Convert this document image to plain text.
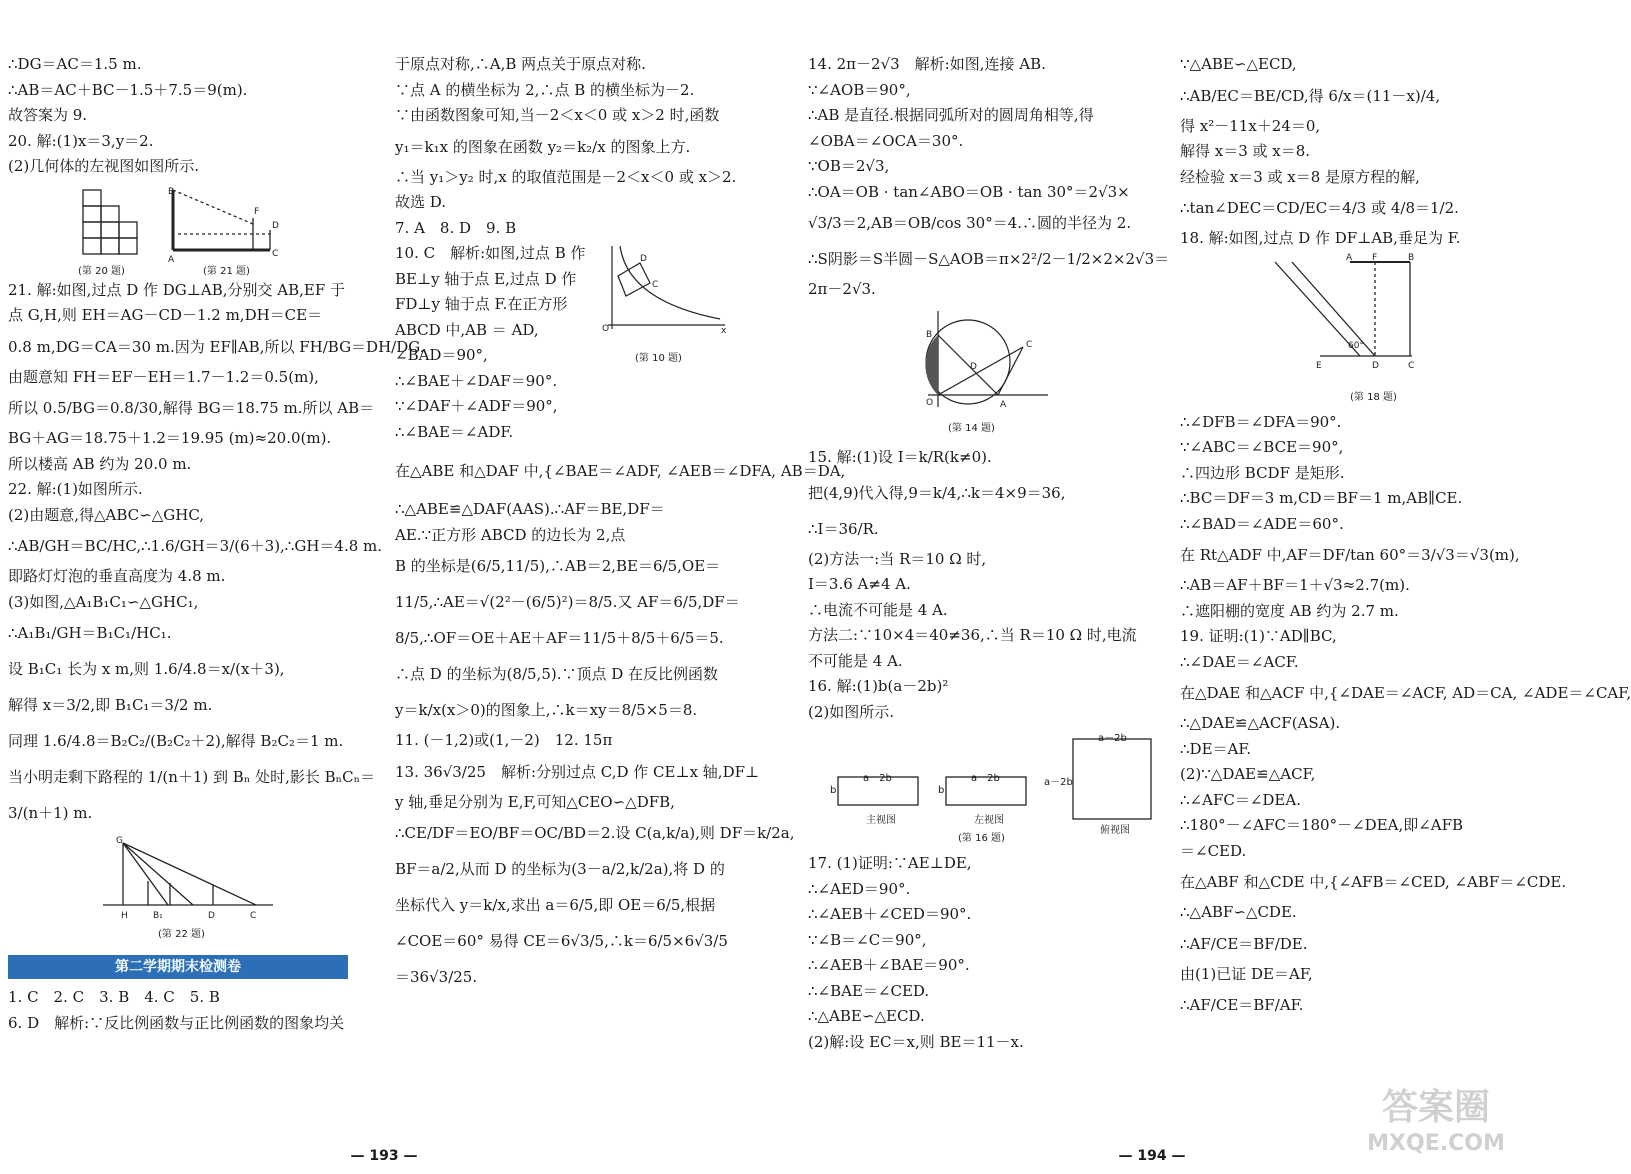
∴DG＝AC＝1.5 m.
∴AB＝AC＋BC－1.5＋7.5＝9(m).
故答案为 9.
20. 解:(1)x＝3,y＝2.
(2)几何体的左视图如图所示.
B
A
F
D
C
(第 20 题)	(第 21 题)
21. 解:如图,过点 D 作 DG⊥AB,分别交 AB,EF 于
点 G,H,则 EH＝AG－CD－1.2 m,DH＝CE＝
0.8 m,DG＝CA＝30 m.因为 EF∥AB,所以 FH/BG＝DH/DG.
由题意知 FH＝EF－EH＝1.7－1.2＝0.5(m),
所以 0.5/BG＝0.8/30,解得 BG＝18.75 m.所以 AB＝
BG＋AG＝18.75＋1.2＝19.95 (m)≈20.0(m).
所以楼高 AB 约为 20.0 m.
22. 解:(1)如图所示.
(2)由题意,得△ABC∽△GHC,
∴AB/GH＝BC/HC,∴1.6/GH＝3/(6＋3),∴GH＝4.8 m.
即路灯灯泡的垂直高度为 4.8 m.
(3)如图,△A₁B₁C₁∽△GHC₁,
∴A₁B₁/GH＝B₁C₁/HC₁.
设 B₁C₁ 长为 x m,则 1.6/4.8＝x/(x＋3),
解得 x＝3/2,即 B₁C₁＝3/2 m.
同理 1.6/4.8＝B₂C₂/(B₂C₂＋2),解得 B₂C₂＝1 m.
当小明走剩下路程的 1/(n＋1) 到 Bₙ 处时,影长 BₙCₙ＝
3/(n＋1) m.
G
H	B₁	D	C
(第 22 题)
第二学期期末检测卷
1. C　2. C　3. B　4. C　5. B
6. D　解析:∵反比例函数与正比例函数的图象均关
于原点对称,∴A,B 两点关于原点对称.
∵点 A 的横坐标为 2,∴点 B 的横坐标为－2.
∵由函数图象可知,当－2＜x＜0 或 x＞2 时,函数
y₁＝k₁x 的图象在函数 y₂＝k₂/x 的图象上方.
∴当 y₁＞y₂ 时,x 的取值范围是－2＜x＜0 或 x＞2.
故选 D.
7. A　8. D　9. B
10. C　解析:如图,过点 B 作
BE⊥y 轴于点 E,过点 D 作
FD⊥y 轴于点 F.在正方形
ABCD 中,AB ＝ AD,
∠BAD＝90°,
O
D
C
x
(第 10 题)
∴∠BAE＋∠DAF＝90°.
∵∠DAF＋∠ADF＝90°,
∴∠BAE＝∠ADF.
在△ABE 和△DAF 中,{∠BAE＝∠ADF, ∠AEB＝∠DFA, AB＝DA,
∴△ABE≌△DAF(AAS).∴AF＝BE,DF＝
AE.∵正方形 ABCD 的边长为 2,点
B 的坐标是(6/5,11/5),∴AB＝2,BE＝6/5,OE＝
11/5,∴AE＝√(2²－(6/5)²)＝8/5.又 AF＝6/5,DF＝
8/5,∴OF＝OE＋AE＋AF＝11/5＋8/5＋6/5＝5.
∴点 D 的坐标为(8/5,5).∵顶点 D 在反比例函数
y＝k/x(x＞0)的图象上,∴k＝xy＝8/5×5＝8.
11. (－1,2)或(1,－2)　12. 15π
13. 36√3/25　解析:分别过点 C,D 作 CE⊥x 轴,DF⊥
y 轴,垂足分别为 E,F,可知△CEO∽△DFB,
∴CE/DF＝EO/BF＝OC/BD＝2.设 C(a,k/a),则 DF＝k/2a,
BF＝a/2,从而 D 的坐标为(3－a/2,k/2a),将 D 的
坐标代入 y＝k/x,求出 a＝6/5,即 OE＝6/5,根据
∠COE＝60° 易得 CE＝6√3/5,∴k＝6/5×6√3/5
＝36√3/25.
— 193 —
14. 2π－2√3　解析:如图,连接 AB.
∵∠AOB＝90°,
∴AB 是直径.根据同弧所对的圆周角相等,得
∠OBA＝∠OCA＝30°.
∵OB＝2√3,
∴OA＝OB · tan∠ABO＝OB · tan 30°＝2√3×
√3/3＝2,AB＝OB/cos 30°＝4.∴圆的半径为 2.
∴S阴影＝S半圆－S△AOB＝π×2²/2－1/2×2×2√3＝
2π－2√3.
B
O	A
C
D
(第 14 题)
15. 解:(1)设 I＝k/R(k≠0).
把(4,9)代入得,9＝k/4,∴k＝4×9＝36,
∴I＝36/R.
(2)方法一:当 R＝10 Ω 时,
I＝3.6 A≠4 A.
∴电流不可能是 4 A.
方法二:∵10×4＝40≠36,∴当 R＝10 Ω 时,电流
不可能是 4 A.
16. 解:(1)b(a－2b)²
(2)如图所示.
a－2b
b
a－2b
b
a－2b
a－2b
主视图	左视图
俯视图
(第 16 题)
17. (1)证明:∵AE⊥DE,
∴∠AED＝90°.
∴∠AEB＋∠CED＝90°.
∵∠B＝∠C＝90°,
∴∠AEB＋∠BAE＝90°.
∴∠BAE＝∠CED.
∴△ABE∽△ECD.
(2)解:设 EC＝x,则 BE＝11－x.
∵△ABE∽△ECD,
∴AB/EC＝BE/CD,得 6/x＝(11－x)/4,
得 x²－11x＋24＝0,
解得 x＝3 或 x＝8.
经检验 x＝3 或 x＝8 是原方程的解,
∴tan∠DEC＝CD/EC＝4/3 或 4/8＝1/2.
18. 解:如图,过点 D 作 DF⊥AB,垂足为 F.
A F	B
E	D	C
60°
(第 18 题)
∴∠DFB＝∠DFA＝90°.
∵∠ABC＝∠BCE＝90°,
∴四边形 BCDF 是矩形.
∴BC＝DF＝3 m,CD＝BF＝1 m,AB∥CE.
∴∠BAD＝∠ADE＝60°.
在 Rt△ADF 中,AF＝DF/tan 60°＝3/√3＝√3(m),
∴AB＝AF＋BF＝1＋√3≈2.7(m).
∴遮阳棚的宽度 AB 约为 2.7 m.
19. 证明:(1)∵AD∥BC,
∴∠DAE＝∠ACF.
在△DAE 和△ACF 中,{∠DAE＝∠ACF, AD＝CA, ∠ADE＝∠CAF,
∴△DAE≌△ACF(ASA).
∴DE＝AF.
(2)∵△DAE≌△ACF,
∴∠AFC＝∠DEA.
∴180°－∠AFC＝180°－∠DEA,即∠AFB
＝∠CED.
在△ABF 和△CDE 中,{∠AFB＝∠CED, ∠ABF＝∠CDE.
∴△ABF∽△CDE.
∴AF/CE＝BF/DE.
由(1)已证 DE＝AF,
∴AF/CE＝BF/AF.
— 194 —
答案圈
MXQE.COM
